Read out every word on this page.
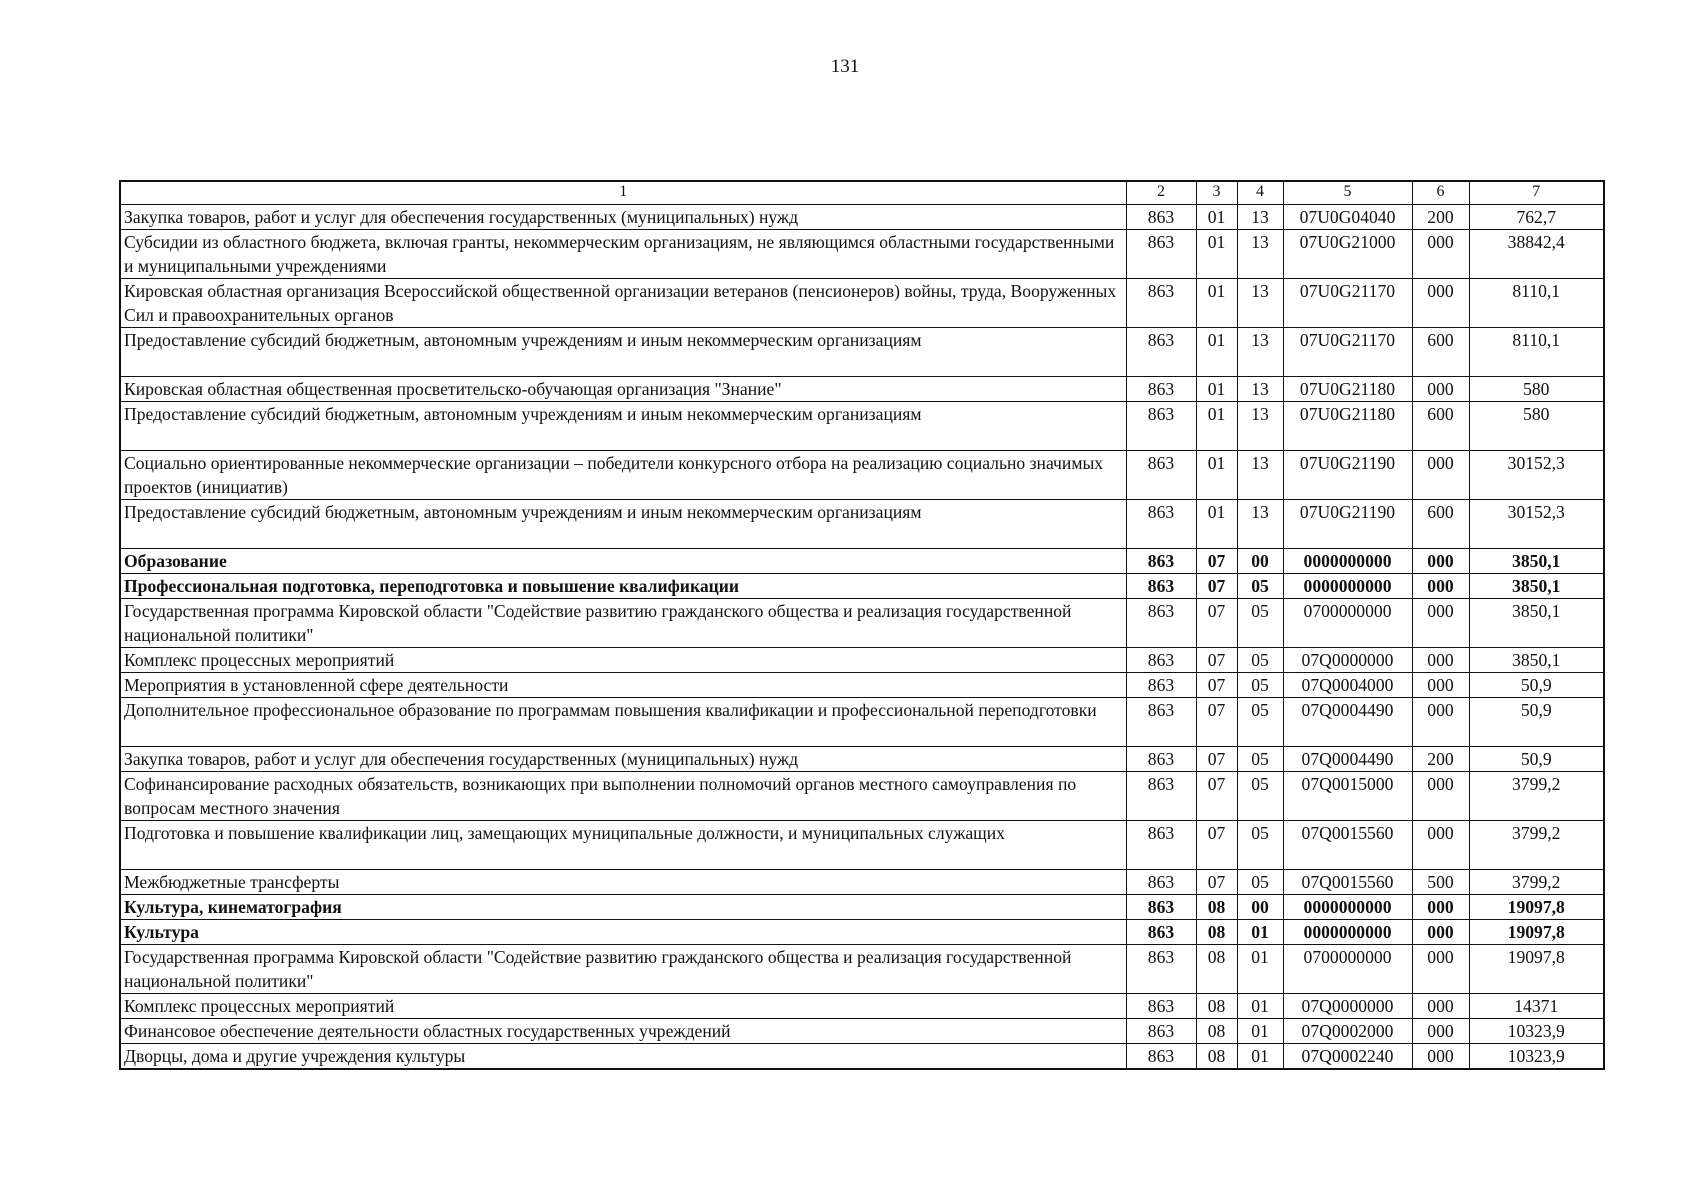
131
1	2	3	4	5	6	7
Закупка товаров, работ и услуг для обеспечения государственных (муниципальных) нужд	863	01	13	07U0G04040	200	762,7
Субсидии из областного бюджета, включая гранты, некоммерческим организациям, не являющимся областными государственными и муниципальными учреждениями	863	01	13	07U0G21000	000	38842,4
Кировская областная организация Всероссийской общественной организации ветеранов (пенсионеров) войны, труда, Вооруженных Сил и правоохранительных органов	863	01	13	07U0G21170	000	8110,1
Предоставление субсидий бюджетным, автономным учреждениям и иным некоммерческим организациям	863	01	13	07U0G21170	600	8110,1
Кировская областная общественная просветительско-обучающая организация "Знание"	863	01	13	07U0G21180	000	580
Предоставление субсидий бюджетным, автономным учреждениям и иным некоммерческим организациям	863	01	13	07U0G21180	600	580
Социально ориентированные некоммерческие организации – победители конкурсного отбора на реализацию социально значимых проектов (инициатив)	863	01	13	07U0G21190	000	30152,3
Предоставление субсидий бюджетным, автономным учреждениям и иным некоммерческим организациям	863	01	13	07U0G21190	600	30152,3
Образование	863	07	00	0000000000	000	3850,1
Профессиональная подготовка, переподготовка и повышение квалификации	863	07	05	0000000000	000	3850,1
Государственная программа Кировской области "Содействие развитию гражданского общества и реализация государственной национальной политики"	863	07	05	0700000000	000	3850,1
Комплекс процессных мероприятий	863	07	05	07Q0000000	000	3850,1
Мероприятия в установленной сфере деятельности	863	07	05	07Q0004000	000	50,9
Дополнительное профессиональное образование по программам повышения квалификации и профессиональной переподготовки	863	07	05	07Q0004490	000	50,9
Закупка товаров, работ и услуг для обеспечения государственных (муниципальных) нужд	863	07	05	07Q0004490	200	50,9
Софинансирование расходных обязательств, возникающих при выполнении полномочий органов местного самоуправления по вопросам местного значения	863	07	05	07Q0015000	000	3799,2
Подготовка и повышение квалификации лиц, замещающих муниципальные должности, и муниципальных служащих	863	07	05	07Q0015560	000	3799,2
Межбюджетные трансферты	863	07	05	07Q0015560	500	3799,2
Культура, кинематография	863	08	00	0000000000	000	19097,8
Культура	863	08	01	0000000000	000	19097,8
Государственная программа Кировской области "Содействие развитию гражданского общества и реализация государственной национальной политики"	863	08	01	0700000000	000	19097,8
Комплекс процессных мероприятий	863	08	01	07Q0000000	000	14371
Финансовое обеспечение деятельности областных государственных учреждений	863	08	01	07Q0002000	000	10323,9
Дворцы, дома и другие учреждения культуры	863	08	01	07Q0002240	000	10323,9
